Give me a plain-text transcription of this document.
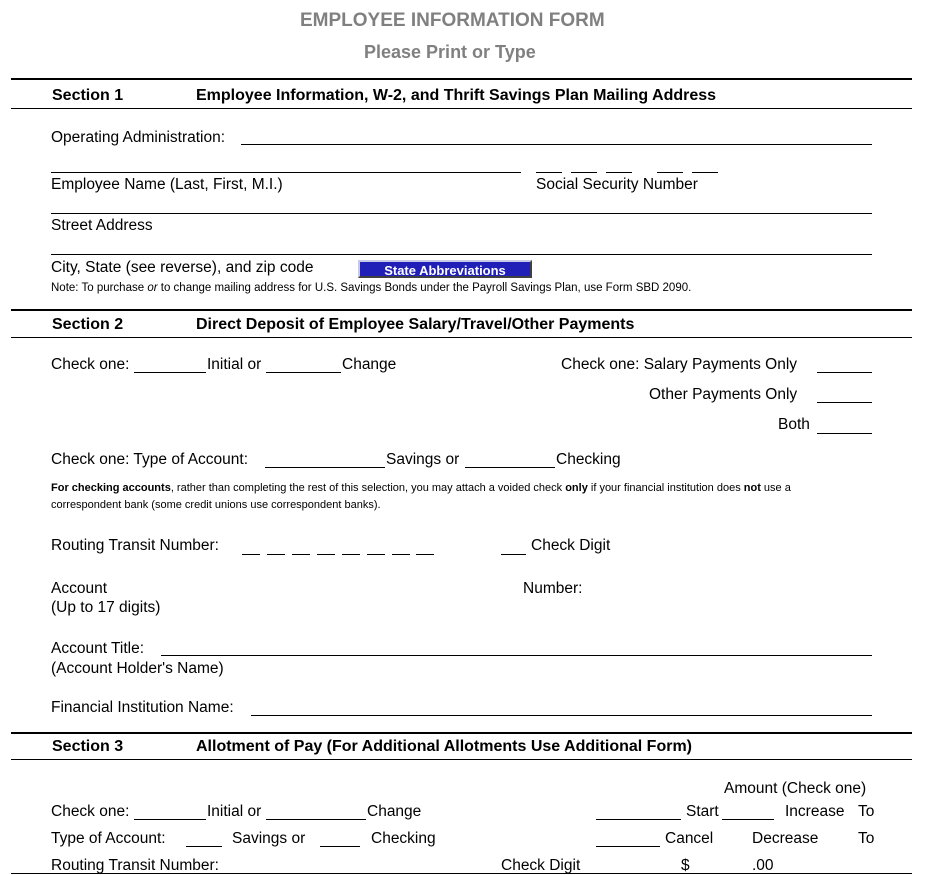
EMPLOYEE INFORMATION FORM
Please Print or Type
Section 1	Employee Information, W-2, and Thrift Savings Plan Mailing Address
Operating Administration:
Employee Name (Last, First, M.I.)	Social Security Number
Street Address
City, State (see reverse), and zip code	State Abbreviations
Note: To purchase or to change mailing address for U.S. Savings Bonds under the Payroll Savings Plan, use Form SBD 2090.
Section 2	Direct Deposit of Employee Salary/Travel/Other Payments
Check one:	Initial or	Change	Check one: Salary Payments Only
Other Payments Only
Both
Check one: Type of Account:	Savings or	Checking
For checking accounts, rather than completing the rest of this selection, you may attach a voided check only if your financial institution does not use a
correspondent bank (some credit unions use correspondent banks).
Routing Transit Number:	Check Digit
Account
(Up to 17 digits)
Number:
Account Title:
(Account Holder's Name)
Financial Institution Name:
Section 3	Allotment of Pay (For Additional Allotments Use Additional Form)
Amount (Check one)
Check one:	Initial or	Change	Start	Increase To
Type of Account:	Savings or	Checking	Cancel	Decrease	To
Routing Transit Number:	Check Digit	$	.00
